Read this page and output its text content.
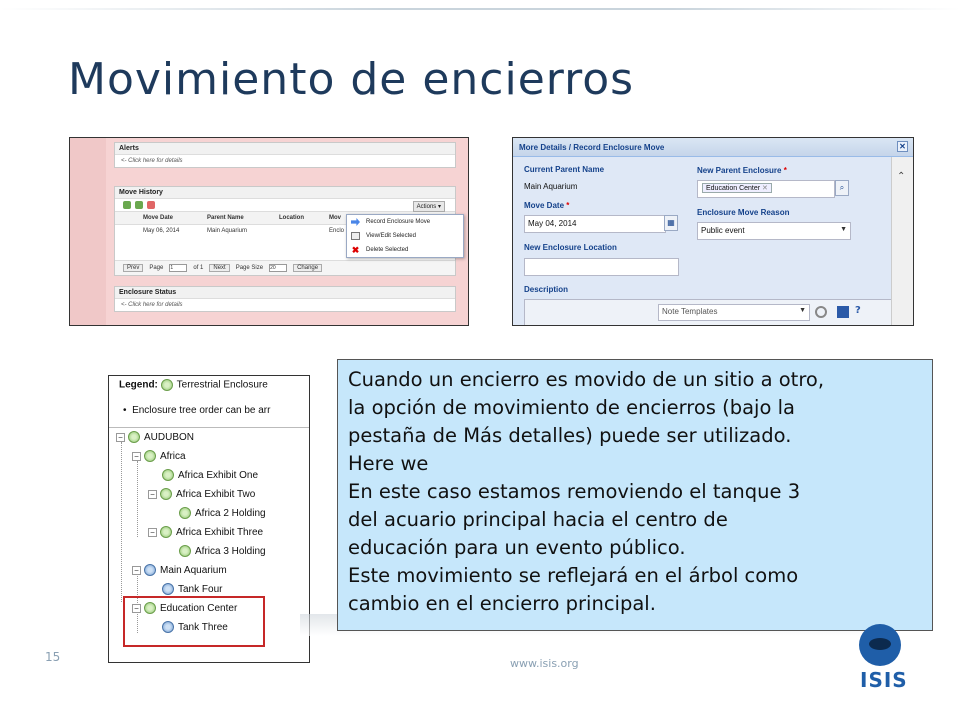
Movimiento de encierros
Alerts
<- Click here for details
Move History
Actions ▾
Move Date	Parent Name	Location	Mov
May 06, 2014	Main Aquarium	Enclo
Prev	Page 1	of 1	Next	Page Size 20	Change
Record Enclosure Move
View/Edit Selected
✖ Delete Selected
Enclosure Status
<- Click here for details
More Details / Record Enclosure Move	✕
Current Parent Name
Main Aquarium
New Parent Enclosure *
Education Center ✕	⌕
Move Date *
May 04, 2014	▦
Enclosure Move Reason
Public event	▼
New Enclosure Location
Description
Note Templates	▼	?
⌃
Legend: Terrestrial Enclosure
•  Enclosure tree order can be arr
− AUDUBON
− Africa
Africa Exhibit One
− Africa Exhibit Two
Africa 2 Holding
− Africa Exhibit Three
Africa 3 Holding
− Main Aquarium
Tank Four
− Education Center
Tank Three

Cuando un encierro es movido de un sitio a otro,

la opción de movimiento de encierros (bajo la

pestaña de Más detalles) puede ser utilizado.

Here we

En este caso estamos removiendo el tanque 3

del acuario principal hacia el centro de

educación para un evento público.

Este movimiento se reflejará en el árbol como

cambio en el encierro principal.

15	www.isis.org
ISIS
